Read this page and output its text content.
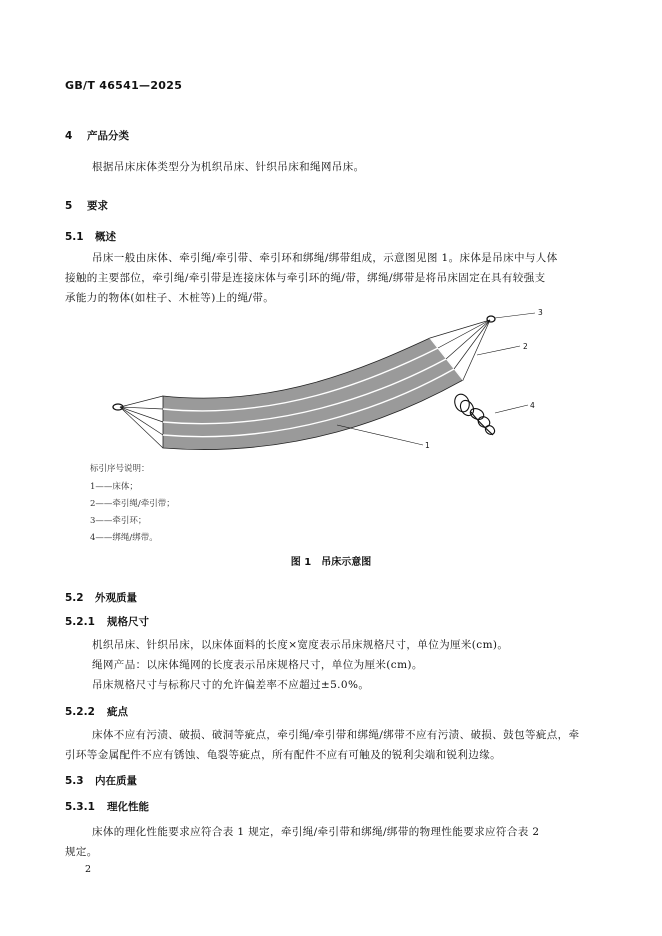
GB/T 46541—2025
4 产品分类
根据吊床床体类型分为机织吊床、针织吊床和绳网吊床。
5 要求
5.1 概述
吊床一般由床体、牵引绳/牵引带、牵引环和绑绳/绑带组成，示意图见图 1。床体是吊床中与人体
接触的主要部位，牵引绳/牵引带是连接床体与牵引环的绳/带，绑绳/绑带是将吊床固定在具有较强支
承能力的物体(如柱子、木桩等)上的绳/带。
1
2
3
4
标引序号说明：
1——床体；
2——牵引绳/牵引带；
3——牵引环；
4——绑绳/绑带。
图 1　吊床示意图
5.2 外观质量
5.2.1 规格尺寸
机织吊床、针织吊床，以床体面料的长度×宽度表示吊床规格尺寸，单位为厘米(cm)。
绳网产品：以床体绳网的长度表示吊床规格尺寸，单位为厘米(cm)。
吊床规格尺寸与标称尺寸的允许偏差率不应超过±5.0%。
5.2.2 疵点
床体不应有污渍、破损、破洞等疵点，牵引绳/牵引带和绑绳/绑带不应有污渍、破损、鼓包等疵点，牵
引环等金属配件不应有锈蚀、龟裂等疵点，所有配件不应有可触及的锐利尖端和锐利边缘。
5.3 内在质量
5.3.1 理化性能
床体的理化性能要求应符合表 1 规定，牵引绳/牵引带和绑绳/绑带的物理性能要求应符合表 2
规定。
2
